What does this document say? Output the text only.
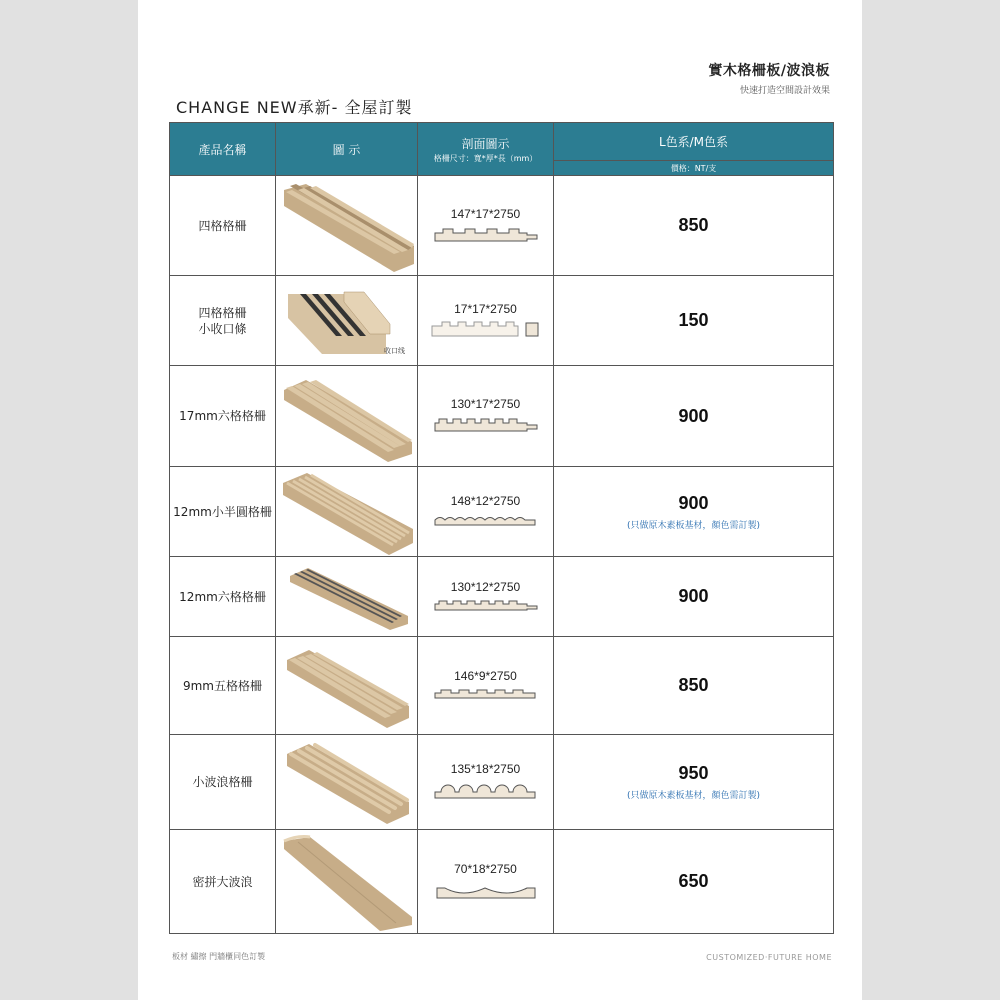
實木格柵板/波浪板
快速打造空間設計效果
CHANGE NEW承新- 全屋訂製
產品名稱	圖 示	剖面圖示
格柵尺寸：寬*厚*長（mm）	L色系/M色系
			價格：NT/支
四格格柵		147*17*2750	850

四格格柵
小收口條	收口线	17*17*2750	150

17mm六格格柵		130*17*2750	900

12mm小半圓格柵		148*12*2750	900
(只做原木素板基材，顏色需訂製)

12mm六格格柵		130*12*2750	900

9mm五格格柵		146*9*2750	850

小波浪格柵		135*18*2750	950
(只做原木素板基材，顏色需訂製)

密拼大波浪		70*18*2750	650
板材 繡擦 門牆櫃同色訂製	CUSTOMIZED·FUTURE HOME
